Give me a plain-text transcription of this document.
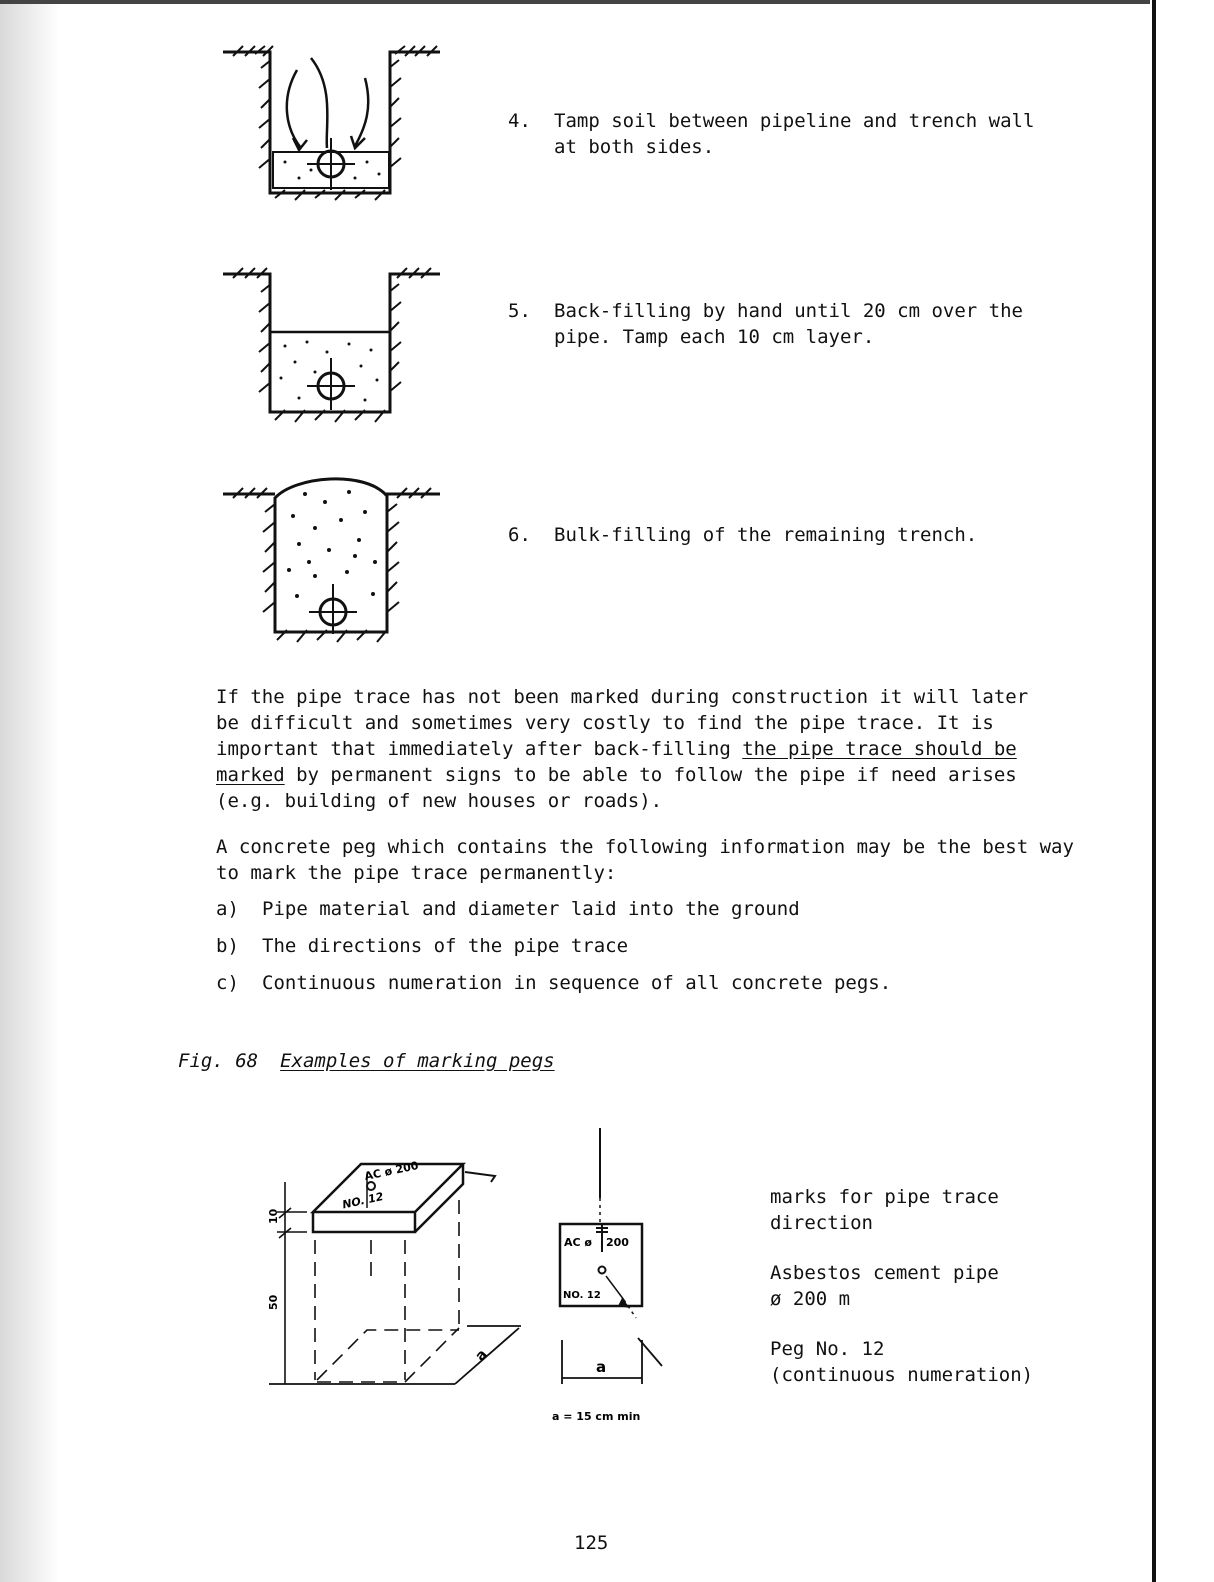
4. Tamp soil between pipeline and trench wall
at both sides.
5. Back-filling by hand until 20 cm over the
pipe. Tamp each 10 cm layer.
6. Bulk-filling of the remaining trench.

If the pipe trace has not been marked during construction it will later

be difficult and sometimes very costly to find the pipe trace. It is

important that immediately after back-filling the pipe trace should be

marked by permanent signs to be able to follow the pipe if need arises

(e.g. building of new houses or roads).

A concrete peg which contains the following information may be the best way

to mark the pipe trace permanently:

a) Pipe material and diameter laid into the ground
b) The directions of the pipe trace
c) Continuous numeration in sequence of all concrete pegs.
Fig. 68 Examples of marking pegs
AC ø 200
NO. 12
10
50
a
AC ø 200
NO. 12
a
a = 15 cm min
marks for pipe trace
direction
Asbestos cement pipe
ø 200 m
Peg No. 12
(continuous numeration)
125
